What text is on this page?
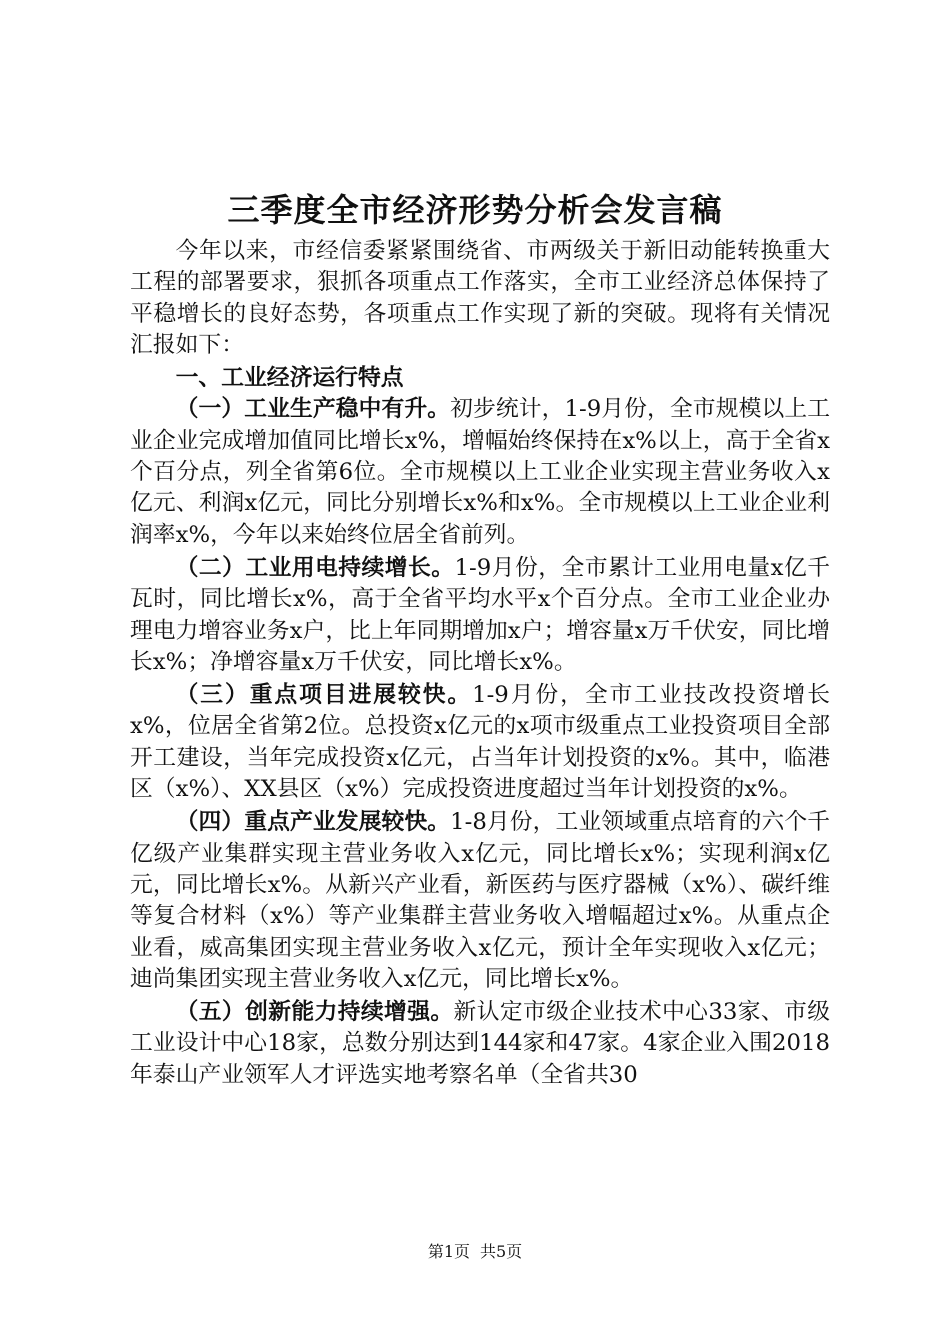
三季度全市经济形势分析会发言稿

今年以来，市经信委紧紧围绕省、市两级关于新旧动能转换重大工程的部署要求，狠抓各项重点工作落实，全市工业经济总体保持了平稳增长的良好态势，各项重点工作实现了新的突破。现将有关情况汇报如下：

一、工业经济运行特点

（一）工业生产稳中有升。初步统计，1-9月份，全市规模以上工业企业完成增加值同比增长x%，增幅始终保持在x%以上，高于全省x个百分点，列全省第6位。全市规模以上工业企业实现主营业务收入x亿元、利润x亿元，同比分别增长x%和x%。全市规模以上工业企业利润率x%，今年以来始终位居全省前列。

（二）工业用电持续增长。1-9月份，全市累计工业用电量x亿千瓦时，同比增长x%，高于全省平均水平x个百分点。全市工业企业办理电力增容业务x户，比上年同期增加x户；增容量x万千伏安，同比增长x%；净增容量x万千伏安，同比增长x%。

（三）重点项目进展较快。1-9月份，全市工业技改投资增长x%，位居全省第2位。总投资x亿元的x项市级重点工业投资项目全部开工建设，当年完成投资x亿元，占当年计划投资的x%。其中，临港区（x%）、XX县区（x%）完成投资进度超过当年计划投资的x%。

（四）重点产业发展较快。1-8月份，工业领域重点培育的六个千亿级产业集群实现主营业务收入x亿元，同比增长x%；实现利润x亿元，同比增长x%。从新兴产业看，新医药与医疗器械（x%）、碳纤维等复合材料（x%）等产业集群主营业务收入增幅超过x%。从重点企业看，威高集团实现主营业务收入x亿元，预计全年实现收入x亿元；迪尚集团实现主营业务收入x亿元，同比增长x%。

（五）创新能力持续增强。新认定市级企业技术中心33家、市级工业设计中心18家，总数分别达到144家和47家。4家企业入围2018年泰山产业领军人才评选实地考察名单（全省共30

第1页 共5页
